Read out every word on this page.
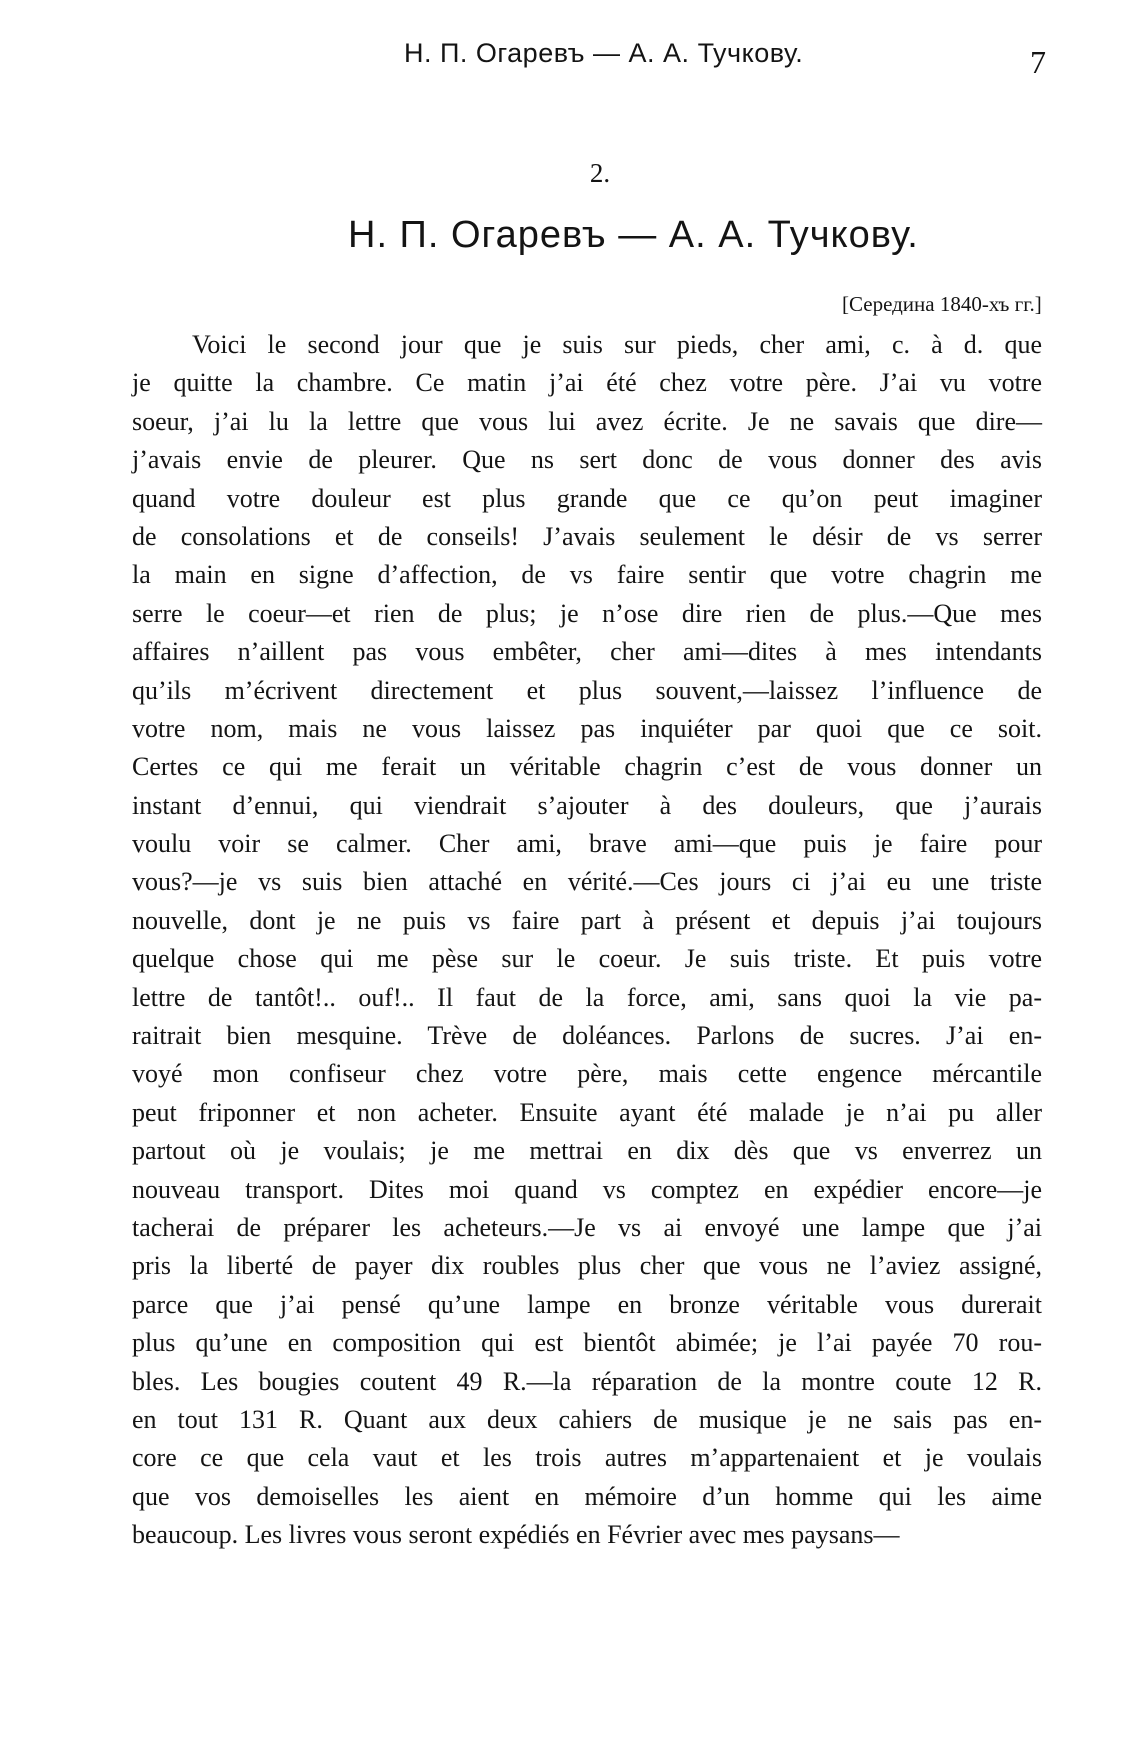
Н. П. Огаревъ — А. А. Тучкову.	7
2.
Н. П. Огаревъ — А. А. Тучкову.
[Середина 1840-хъ гг.]
Voici le second jour que je suis sur pieds, cher ami, c. à d. que
je quitte la chambre. Ce matin j’ai été chez votre père. J’ai vu votre
soeur, j’ai lu la lettre que vous lui avez écrite. Je ne savais que dire—
j’avais envie de pleurer. Que ns sert donc de vous donner des avis
quand votre douleur est plus grande que ce qu’on peut imaginer
de consolations et de conseils! J’avais seulement le désir de vs serrer
la main en signe d’affection, de vs faire sentir que votre chagrin me
serre le coeur—et rien de plus; je n’ose dire rien de plus.—Que mes
affaires n’aillent pas vous embêter, cher ami—dites à mes intendants
qu’ils m’écrivent directement et plus souvent,—laissez l’influence de
votre nom, mais ne vous laissez pas inquiéter par quoi que ce soit.
Certes ce qui me ferait un véritable chagrin c’est de vous donner un
instant d’ennui, qui viendrait s’ajouter à des douleurs, que j’aurais
voulu voir se calmer. Cher ami, brave ami—que puis je faire pour
vous?—je vs suis bien attaché en vérité.—Ces jours ci j’ai eu une triste
nouvelle, dont je ne puis vs faire part à présent et depuis j’ai toujours
quelque chose qui me pèse sur le coeur. Je suis triste. Et puis votre
lettre de tantôt!.. ouf!.. Il faut de la force, ami, sans quoi la vie pa-
raitrait bien mesquine. Trève de doléances. Parlons de sucres. J’ai en-
voyé mon confiseur chez votre père, mais cette engence mércantile
peut friponner et non acheter. Ensuite ayant été malade je n’ai pu aller
partout où je voulais; je me mettrai en dix dès que vs enverrez un
nouveau transport. Dites moi quand vs comptez en expédier encore—je
tacherai de préparer les acheteurs.—Je vs ai envoyé une lampe que j’ai
pris la liberté de payer dix roubles plus cher que vous ne l’aviez assigné,
parce que j’ai pensé qu’une lampe en bronze véritable vous durerait
plus qu’une en composition qui est bientôt abimée; je l’ai payée 70 rou-
bles. Les bougies coutent 49 R.—la réparation de la montre coute 12 R.
en tout 131 R. Quant aux deux cahiers de musique je ne sais pas en-
core ce que cela vaut et les trois autres m’appartenaient et je voulais
que vos demoiselles les aient en mémoire d’un homme qui les aime
beaucoup. Les livres vous seront expédiés en Février avec mes paysans—
